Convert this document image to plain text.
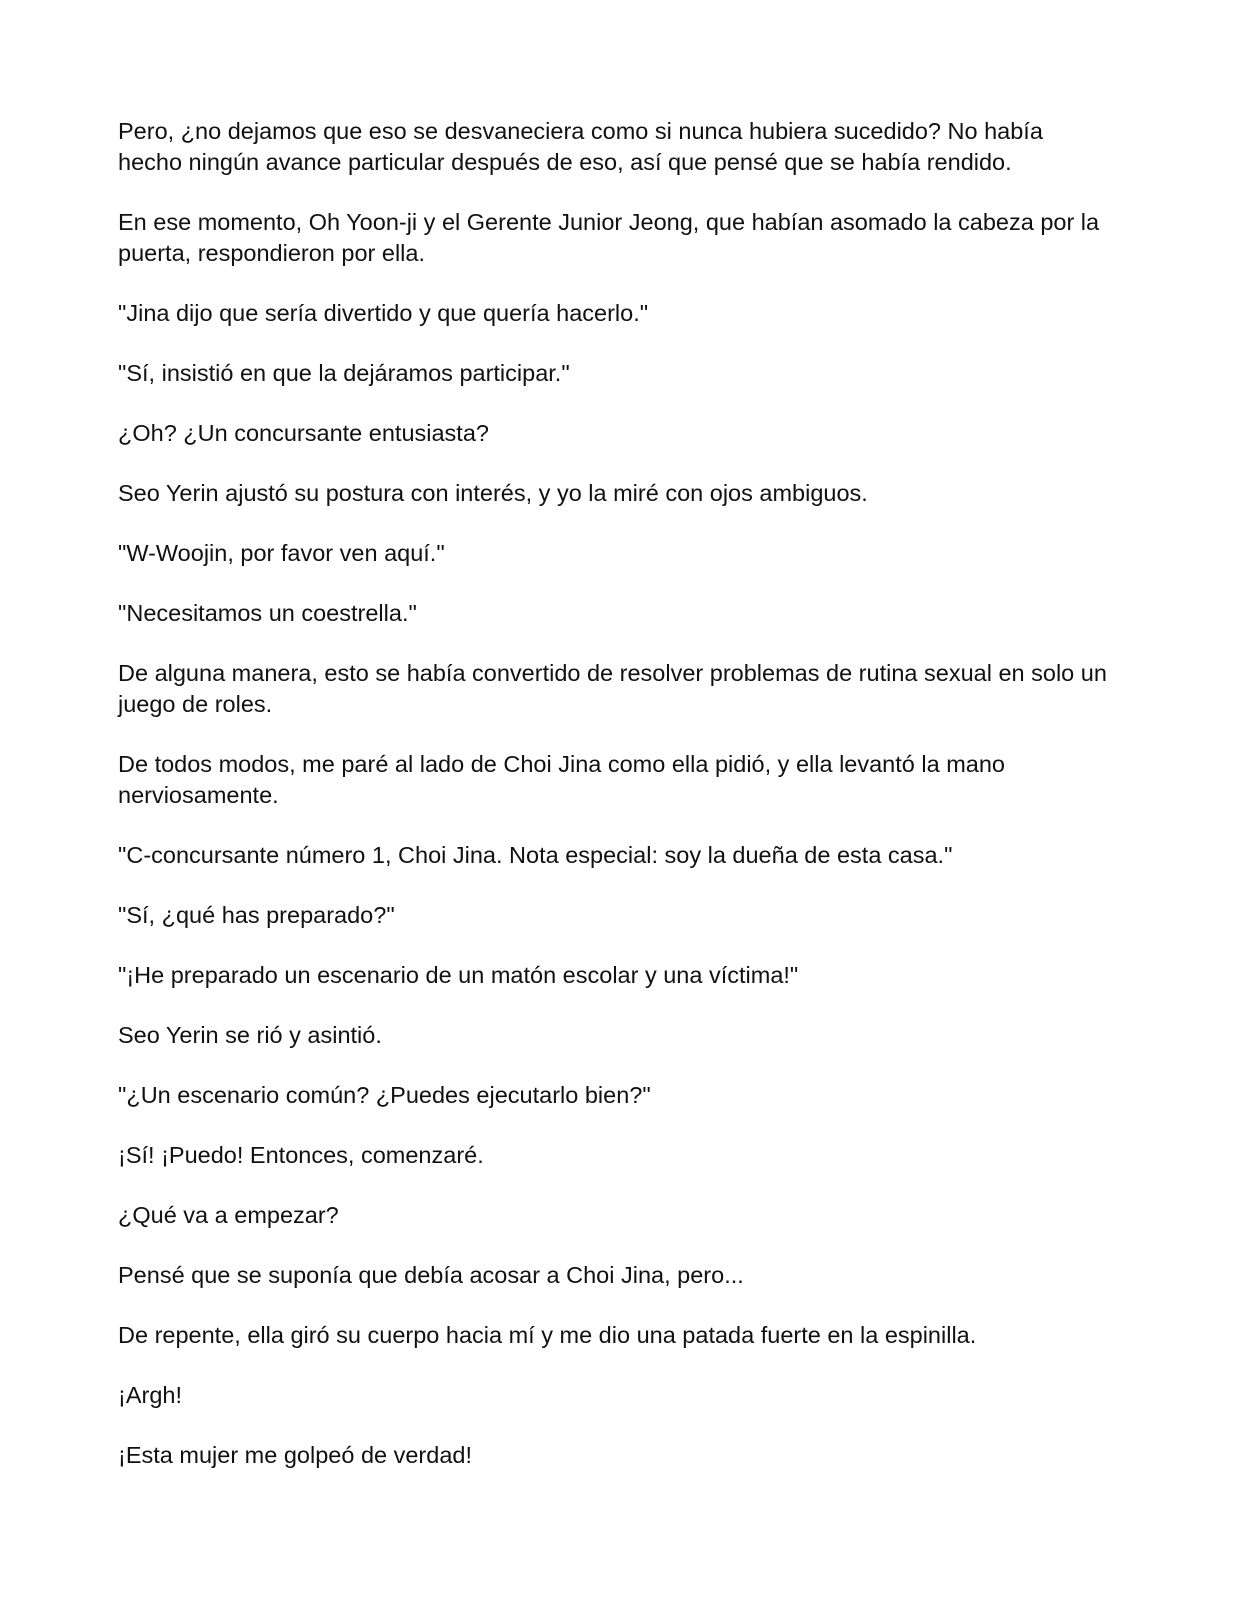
Pero, ¿no dejamos que eso se desvaneciera como si nunca hubiera sucedido? No había hecho ningún avance particular después de eso, así que pensé que se había rendido.

En ese momento, Oh Yoon-ji y el Gerente Junior Jeong, que habían asomado la cabeza por la puerta, respondieron por ella.

"Jina dijo que sería divertido y que quería hacerlo."

"Sí, insistió en que la dejáramos participar."

¿Oh? ¿Un concursante entusiasta?

Seo Yerin ajustó su postura con interés, y yo la miré con ojos ambiguos.

"W-Woojin, por favor ven aquí."

"Necesitamos un coestrella."

De alguna manera, esto se había convertido de resolver problemas de rutina sexual en solo un juego de roles.

De todos modos, me paré al lado de Choi Jina como ella pidió, y ella levantó la mano nerviosamente.

"C-concursante número 1, Choi Jina. Nota especial: soy la dueña de esta casa."

"Sí, ¿qué has preparado?"

"¡He preparado un escenario de un matón escolar y una víctima!"

Seo Yerin se rió y asintió.

"¿Un escenario común? ¿Puedes ejecutarlo bien?"

¡Sí! ¡Puedo! Entonces, comenzaré.

¿Qué va a empezar?

Pensé que se suponía que debía acosar a Choi Jina, pero...

De repente, ella giró su cuerpo hacia mí y me dio una patada fuerte en la espinilla.

¡Argh!

¡Esta mujer me golpeó de verdad!
